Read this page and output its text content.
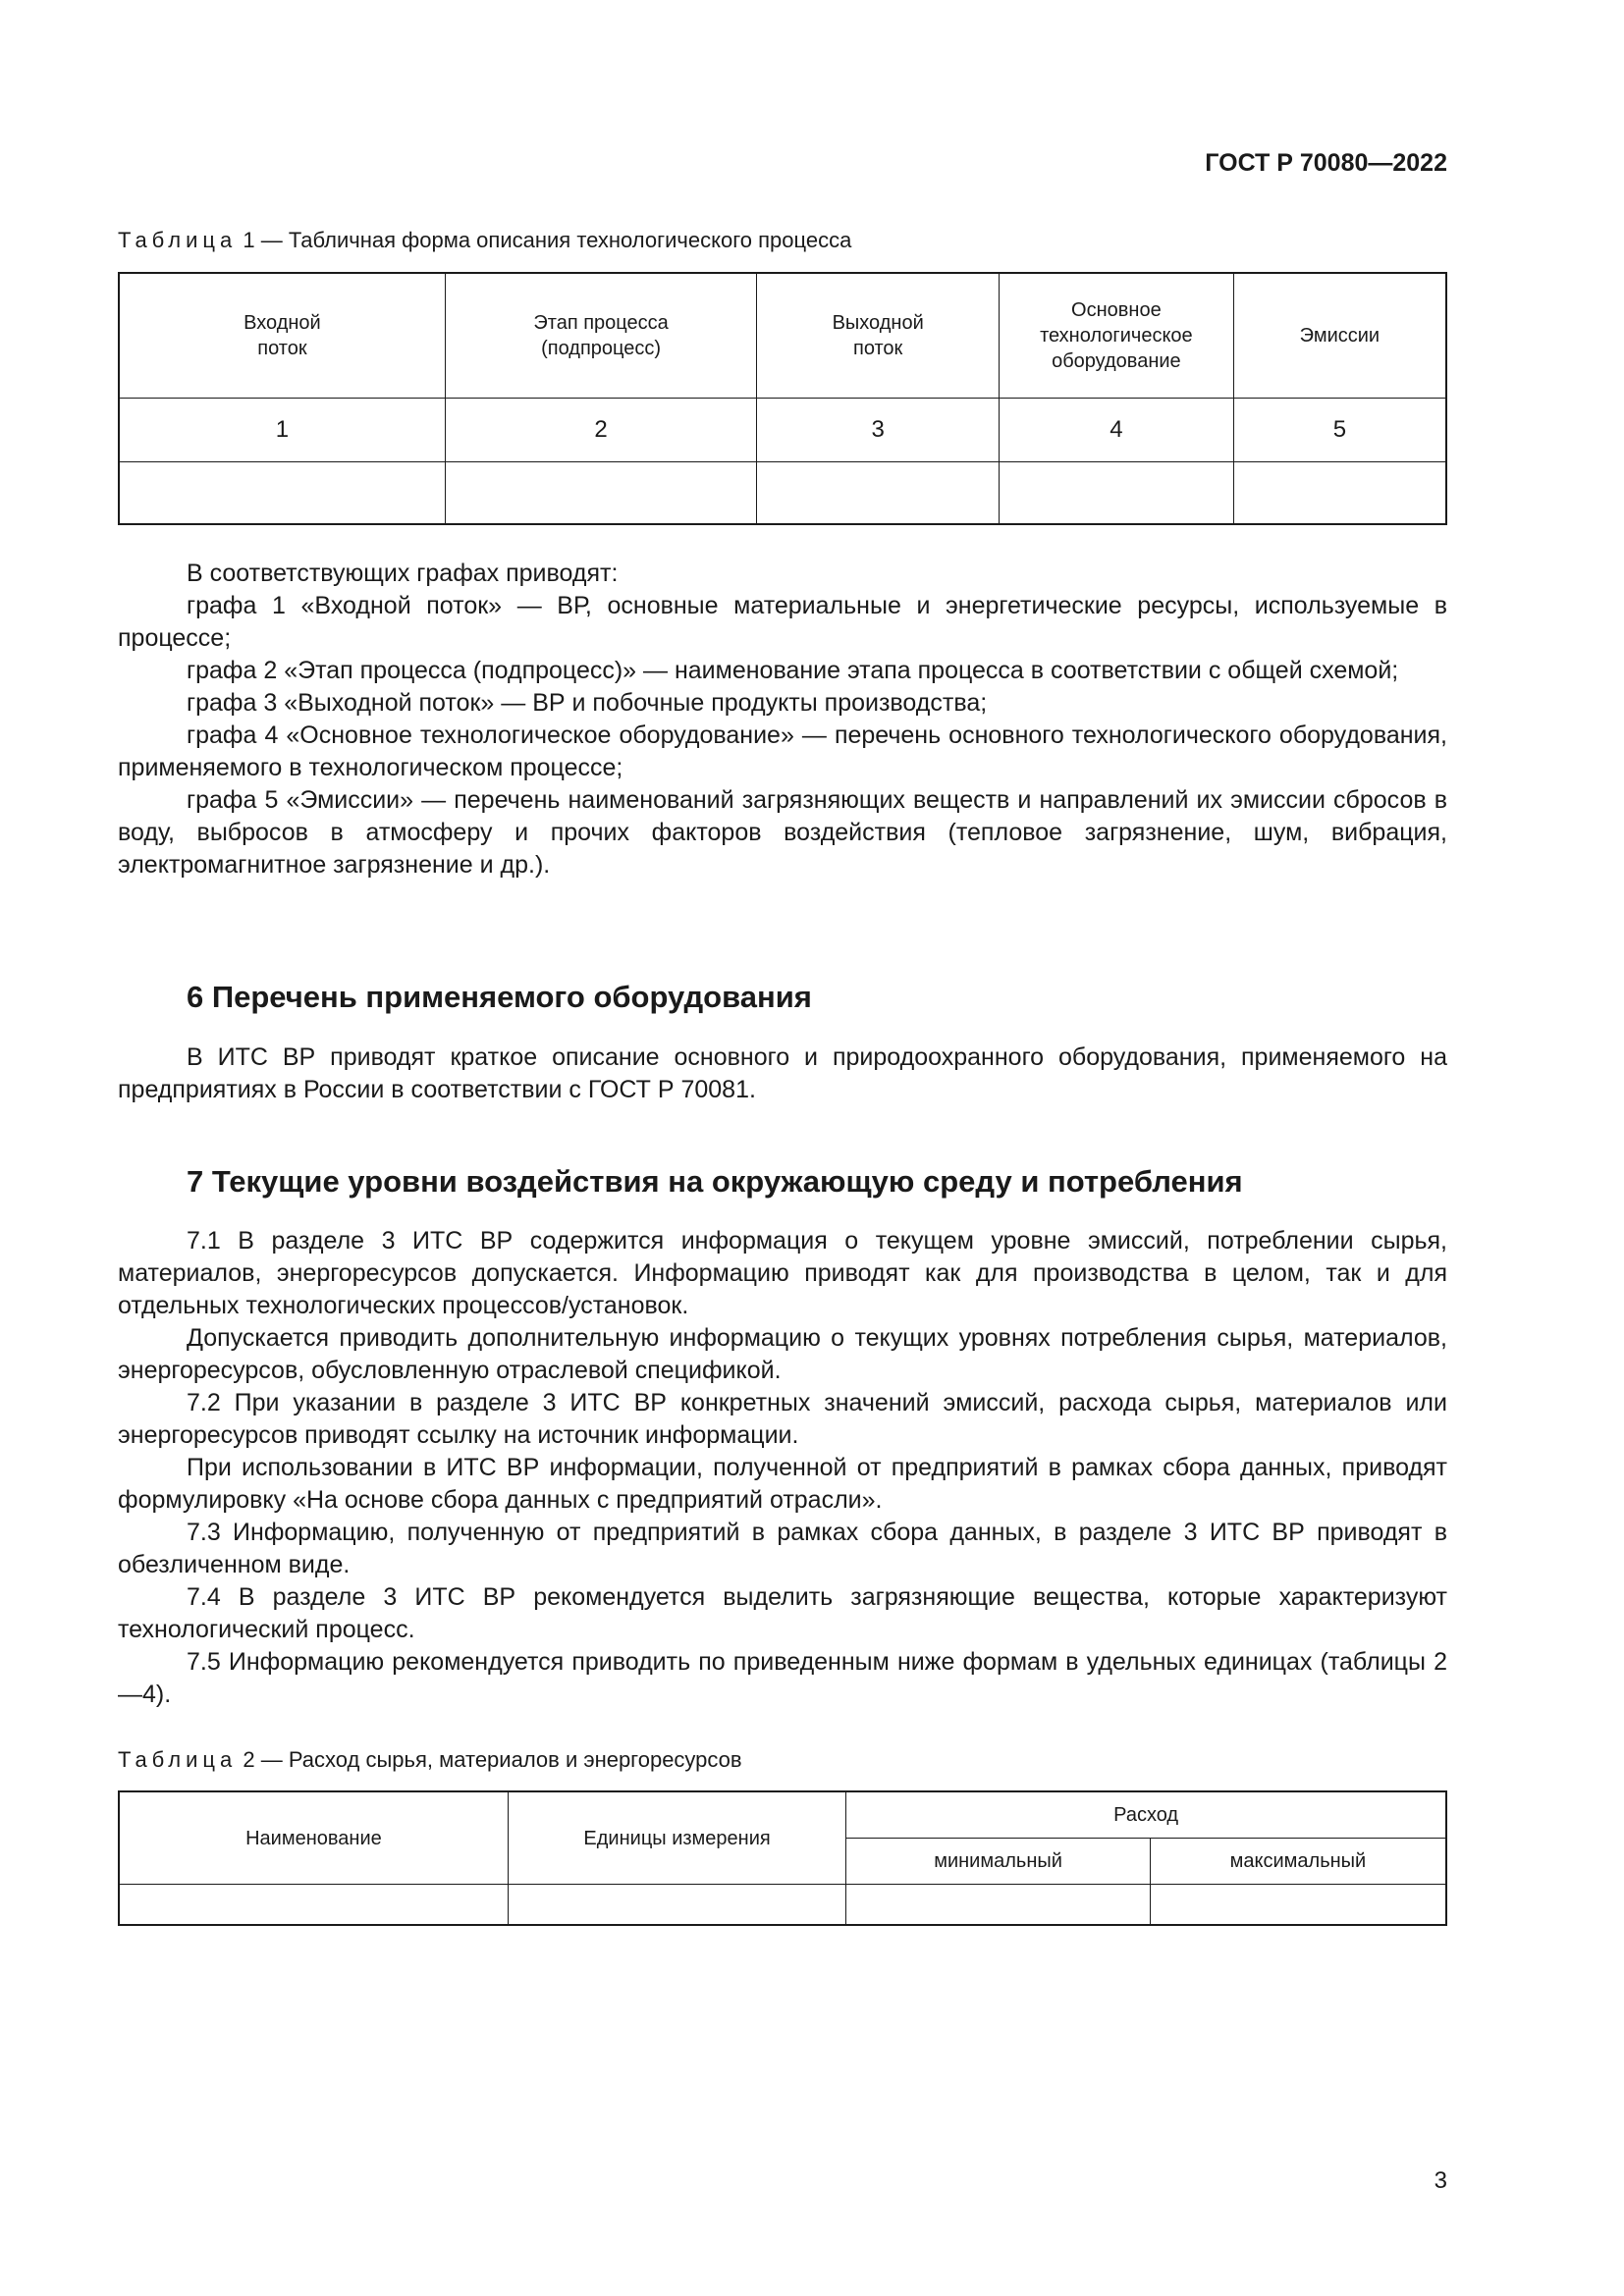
ГОСТ Р 70080—2022
Таблица 1 — Табличная форма описания технологического процесса
Входной
поток	Этап процесса
(подпроцесс)	Выходной
поток	Основное
технологическое
оборудование	Эмиссии
1	2	3	4	5

В соответствующих графах приводят:

графа 1 «Входной поток» — ВР, основные материальные и энергетические ресурсы, используемые в процессе;

графа 2 «Этап процесса (подпроцесс)» — наименование этапа процесса в соответствии с общей схемой;

графа 3 «Выходной поток» — ВР и побочные продукты производства;

графа 4 «Основное технологическое оборудование» — перечень основного технологического оборудования, применяемого в технологическом процессе;

графа 5 «Эмиссии» — перечень наименований загрязняющих веществ и направлений их эмиссии сбросов в воду, выбросов в атмосферу и прочих факторов воздействия (тепловое загрязнение, шум, вибрация, электромагнитное загрязнение и др.).

6 Перечень применяемого оборудования

В ИТС ВР приводят краткое описание основного и природоохранного оборудования, применяемого на предприятиях в России в соответствии с ГОСТ Р 70081.

7 Текущие уровни воздействия на окружающую среду и потребления

7.1 В разделе 3 ИТС ВР содержится информация о текущем уровне эмиссий, потреблении сырья, материалов, энергоресурсов допускается. Информацию приводят как для производства в целом, так и для отдельных технологических процессов/установок.

Допускается приводить дополнительную информацию о текущих уровнях потребления сырья, материалов, энергоресурсов, обусловленную отраслевой спецификой.

7.2 При указании в разделе 3 ИТС ВР конкретных значений эмиссий, расхода сырья, материалов или энергоресурсов приводят ссылку на источник информации.

При использовании в ИТС ВР информации, полученной от предприятий в рамках сбора данных, приводят формулировку «На основе сбора данных с предприятий отрасли».

7.3 Информацию, полученную от предприятий в рамках сбора данных, в разделе 3 ИТС ВР приводят в обезличенном виде.

7.4 В разделе 3 ИТС ВР рекомендуется выделить загрязняющие вещества, которые характеризуют технологический процесс.

7.5 Информацию рекомендуется приводить по приведенным ниже формам в удельных единицах (таблицы 2—4).

Таблица 2 — Расход сырья, материалов и энергоресурсов
Наименование	Единицы измерения	Расход	
		минимальный	максимальный

3
